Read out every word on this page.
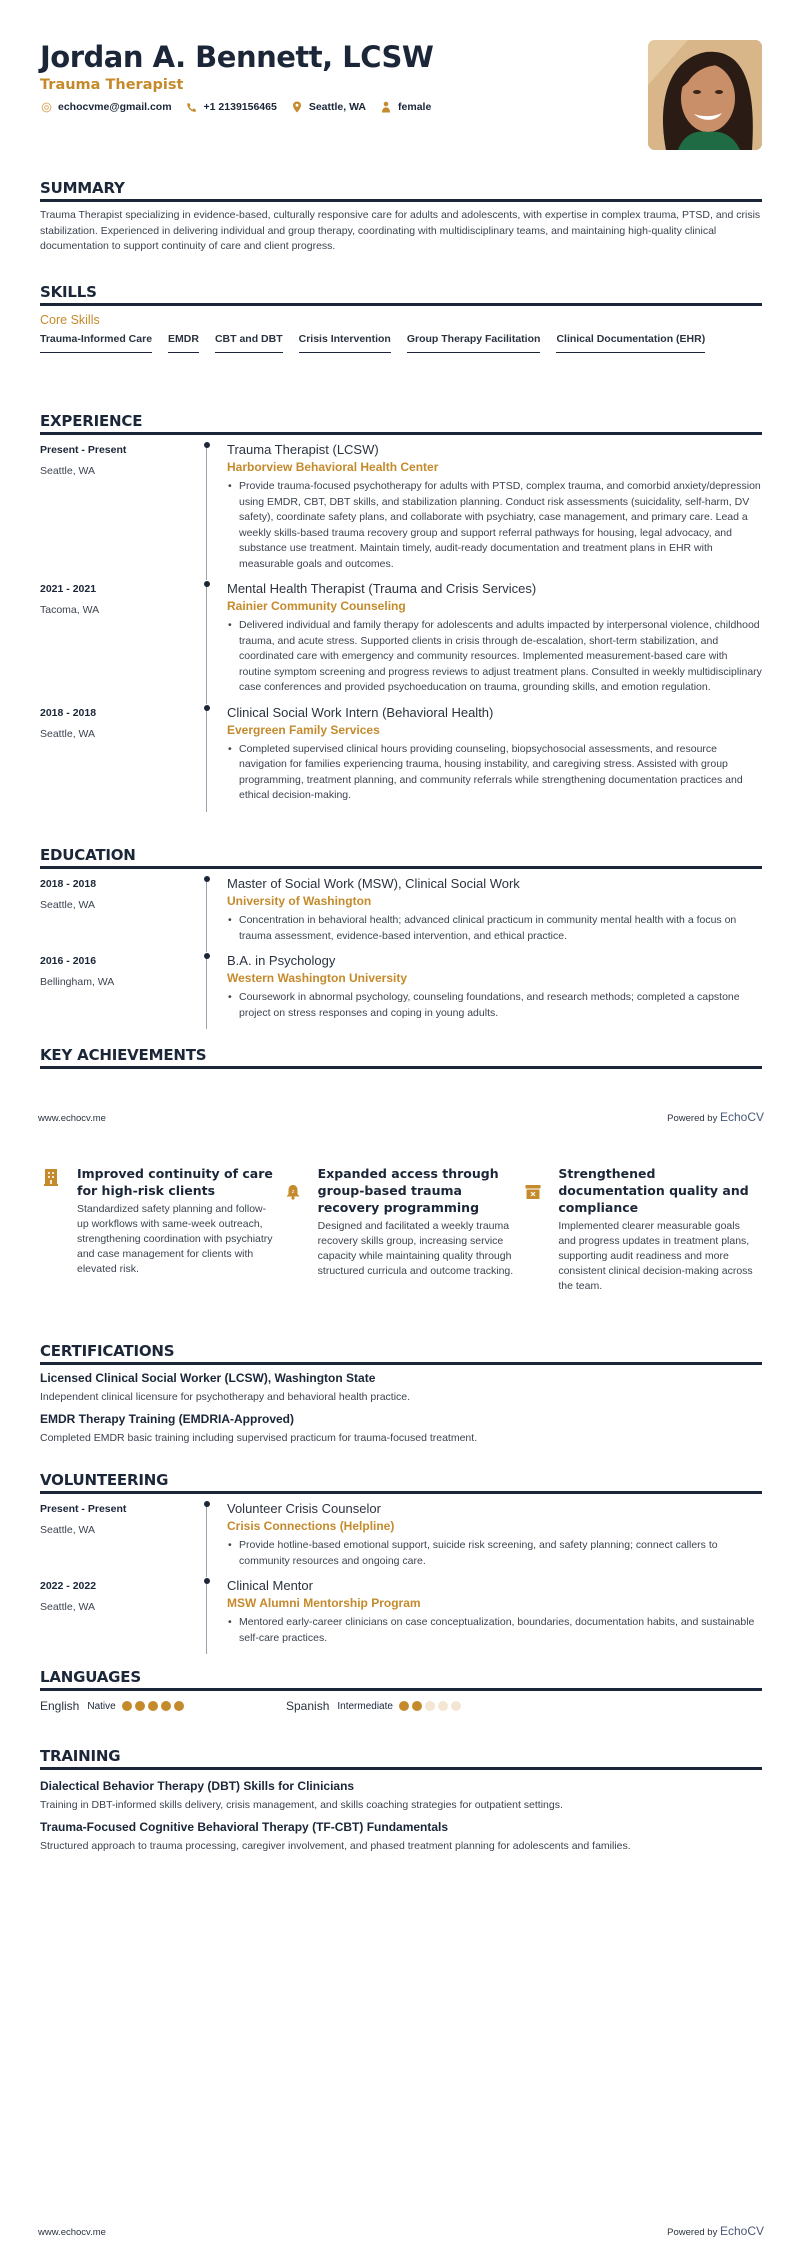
Jordan A. Bennett, LCSW
Trauma Therapist
echocvme@gmail.com	+1 2139156465	Seattle, WA	female
SUMMARY

Trauma Therapist specializing in evidence-based, culturally responsive care for adults and adolescents, with expertise in complex trauma, PTSD, and crisis stabilization. Experienced in delivering individual and group therapy, coordinating with multidisciplinary teams, and maintaining high-quality clinical documentation to support continuity of care and client progress.

SKILLS
Core Skills
Trauma-Informed Care EMDR CBT and DBT Crisis Intervention Group Therapy Facilitation Clinical Documentation (EHR)
EXPERIENCE
Present - Present
Seattle, WA
Trauma Therapist (LCSW)
Harborview Behavioral Health Center
• Provide trauma-focused psychotherapy for adults with PTSD, complex trauma, and comorbid anxiety/depression using EMDR, CBT, DBT skills, and stabilization planning. Conduct risk assessments (suicidality, self-harm, DV safety), coordinate safety plans, and collaborate with psychiatry, case management, and primary care. Lead a weekly skills-based trauma recovery group and support referral pathways for housing, legal advocacy, and substance use treatment. Maintain timely, audit-ready documentation and treatment plans in EHR with measurable goals and outcomes.
2021 - 2021
Tacoma, WA
Mental Health Therapist (Trauma and Crisis Services)
Rainier Community Counseling
• Delivered individual and family therapy for adolescents and adults impacted by interpersonal violence, childhood trauma, and acute stress. Supported clients in crisis through de-escalation, short-term stabilization, and coordinated care with emergency and community resources. Implemented measurement-based care with routine symptom screening and progress reviews to adjust treatment plans. Consulted in weekly multidisciplinary case conferences and provided psychoeducation on trauma, grounding skills, and emotion regulation.
2018 - 2018
Seattle, WA
Clinical Social Work Intern (Behavioral Health)
Evergreen Family Services
• Completed supervised clinical hours providing counseling, biopsychosocial assessments, and resource navigation for families experiencing trauma, housing instability, and caregiving stress. Assisted with group programming, treatment planning, and community referrals while strengthening documentation practices and ethical decision-making.
EDUCATION
2018 - 2018
Seattle, WA
Master of Social Work (MSW), Clinical Social Work
University of Washington
• Concentration in behavioral health; advanced clinical practicum in community mental health with a focus on trauma assessment, evidence-based intervention, and ethical practice.
2016 - 2016
Bellingham, WA
B.A. in Psychology
Western Washington University
• Coursework in abnormal psychology, counseling foundations, and research methods; completed a capstone project on stress responses and coping in young adults.
KEY ACHIEVEMENTS
www.echocv.me	Powered by EchoCV
Improved continuity of care for high-risk clients
Standardized safety planning and follow-up workflows with same-week outreach, strengthening coordination with psychiatry and case management for clients with elevated risk.
z
Expanded access through group-based trauma recovery programming
Designed and facilitated a weekly trauma recovery skills group, increasing service capacity while maintaining quality through structured curricula and outcome tracking.
Strengthened documentation quality and compliance
Implemented clearer measurable goals and progress updates in treatment plans, supporting audit readiness and more consistent clinical decision-making across the team.
CERTIFICATIONS
Licensed Clinical Social Worker (LCSW), Washington State
Independent clinical licensure for psychotherapy and behavioral health practice.
EMDR Therapy Training (EMDRIA-Approved)
Completed EMDR basic training including supervised practicum for trauma-focused treatment.
VOLUNTEERING
Present - Present
Seattle, WA
Volunteer Crisis Counselor
Crisis Connections (Helpline)
• Provide hotline-based emotional support, suicide risk screening, and safety planning; connect callers to community resources and ongoing care.
2022 - 2022
Seattle, WA
Clinical Mentor
MSW Alumni Mentorship Program
• Mentored early-career clinicians on case conceptualization, boundaries, documentation habits, and sustainable self-care practices.
LANGUAGES
English Native	Spanish Intermediate
TRAINING
Dialectical Behavior Therapy (DBT) Skills for Clinicians
Training in DBT-informed skills delivery, crisis management, and skills coaching strategies for outpatient settings.
Trauma-Focused Cognitive Behavioral Therapy (TF-CBT) Fundamentals
Structured approach to trauma processing, caregiver involvement, and phased treatment planning for adolescents and families.
www.echocv.me	Powered by EchoCV
